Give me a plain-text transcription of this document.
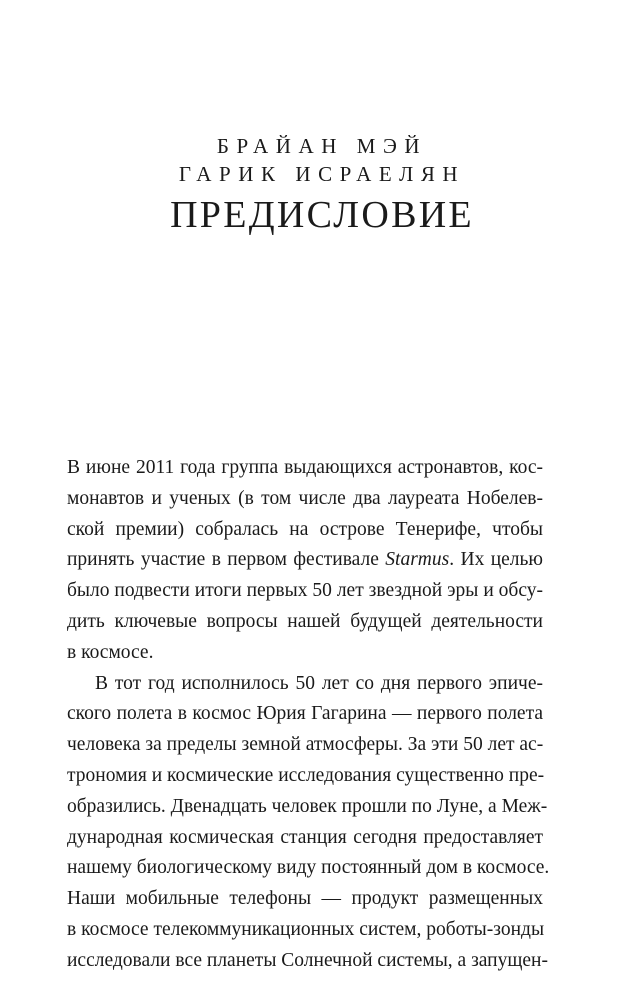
БРАЙАН МЭЙ
ГАРИК ИСРАЕЛЯН
ПРЕДИСЛОВИЕ
В июне 2011 года группа выдающихся астронавтов, кос-
монавтов и ученых (в том числе два лауреата Нобелев-
ской премии) собралась на острове Тенерифе, чтобы
принять участие в первом фестивале Starmus. Их целью
было подвести итоги первых 50 лет звездной эры и обсу-
дить ключевые вопросы нашей будущей деятельности
в космосе.
В тот год исполнилось 50 лет со дня первого эпиче-
ского полета в космос Юрия Гагарина — первого полета
человека за пределы земной атмосферы. За эти 50 лет ас-
трономия и космические исследования существенно пре-
образились. Двенадцать человек прошли по Луне, а Меж-
дународная космическая станция сегодня предоставляет
нашему биологическому виду постоянный дом в космосе.
Наши мобильные телефоны — продукт размещенных
в космосе телекоммуникационных систем, роботы-зонды
исследовали все планеты Солнечной системы, а запущен-
